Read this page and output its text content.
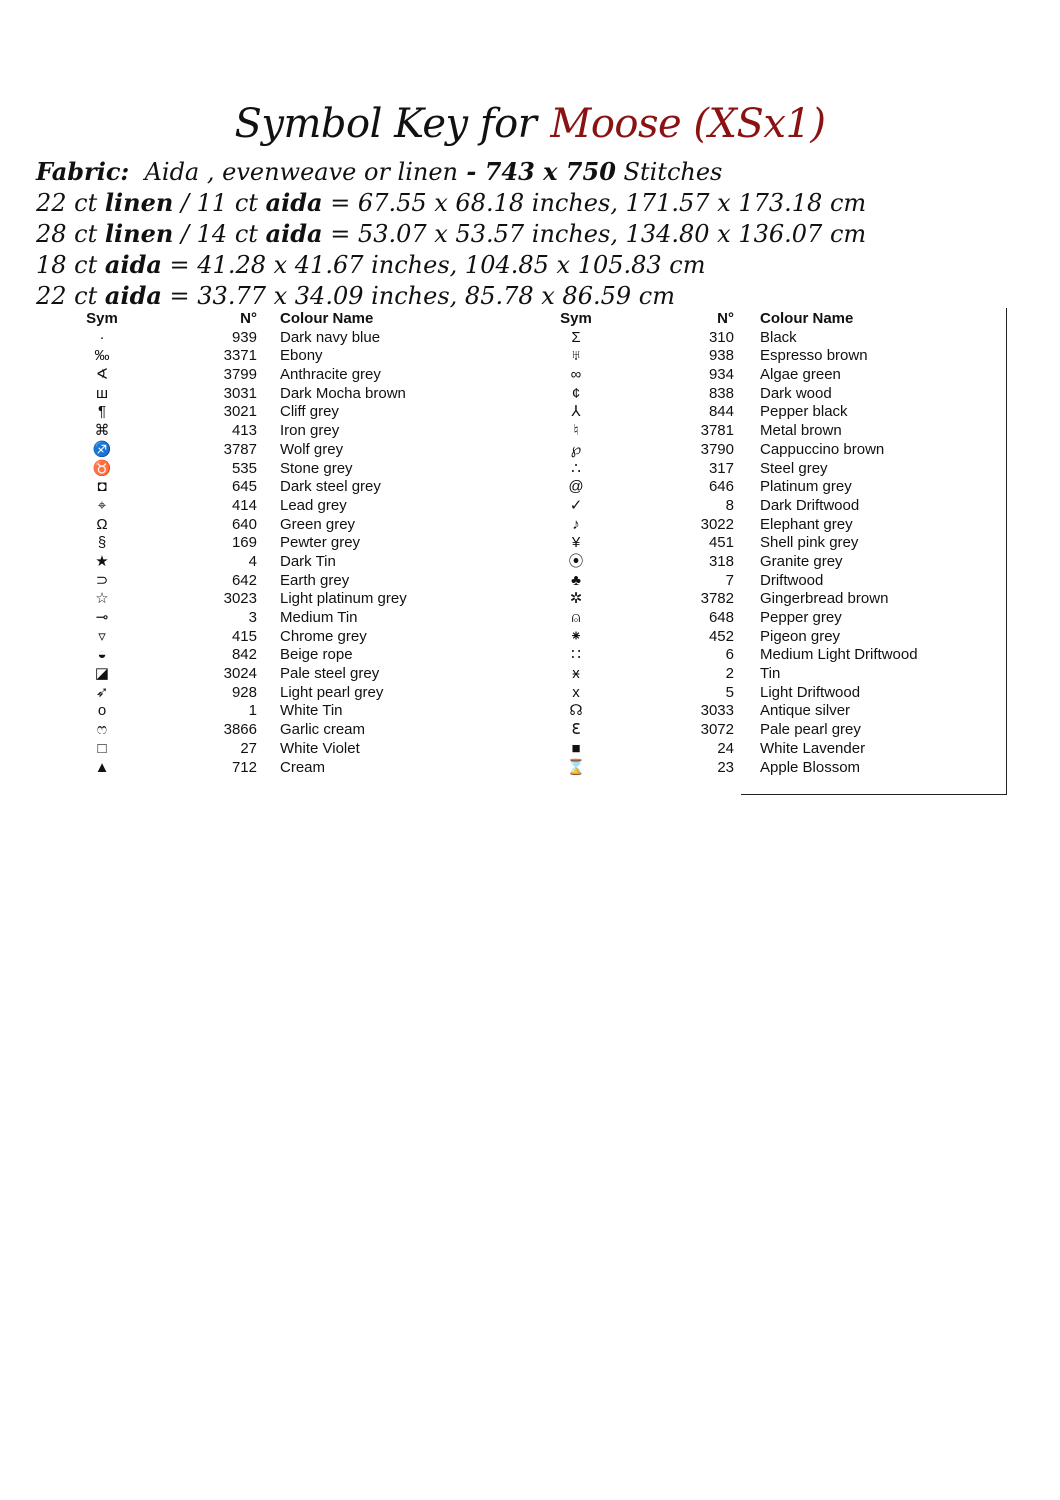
Symbol Key for Moose (XSx1)
Fabric: Aida , evenweave or linen - 743 x 750 Stitches
22 ct linen / 11 ct aida = 67.55 x 68.18 inches, 171.57 x 173.18 cm
28 ct linen / 14 ct aida = 53.07 x 53.57 inches, 134.80 x 136.07 cm
18 ct aida = 41.28 x 41.67 inches, 104.85 x 105.83 cm
22 ct aida = 33.77 x 34.09 inches, 85.78 x 86.59 cm
Sym	N° Colour Name
·	939 Dark navy blue
‰	3371 Ebony
∢	3799 Anthracite grey
ш	3031 Dark Mocha brown
¶	3021 Cliff grey
⌘	413 Iron grey
♐	3787 Wolf grey
♉	535 Stone grey
◘	645 Dark steel grey
⌖	414 Lead grey
Ω	640 Green grey
§	169 Pewter grey
★	4 Dark Tin
⊃	642 Earth grey
☆	3023 Light platinum grey
⊸	3 Medium Tin
▿	415 Chrome grey
◒	842 Beige rope
◪	3024 Pale steel grey
➶	928 Light pearl grey
o	1 White Tin
ෆ	3866 Garlic cream
□	27 White Violet
▲	712 Cream
Sym	N° Colour Name
Σ	310 Black
♅	938 Espresso brown
∞	934 Algae green
¢	838 Dark wood
⅄	844 Pepper black
♮	3781 Metal brown
℘	3790 Cappuccino brown
∴	317 Steel grey
@	646 Platinum grey
✓	8 Dark Driftwood
♪	3022 Elephant grey
¥	451 Shell pink grey
⦿	318 Granite grey
♣	7 Driftwood
✲	3782 Gingerbread brown
⍝	648 Pepper grey
⁕	452 Pigeon grey
∷	6 Medium Light Driftwood
ӿ	2 Tin
x	5 Light Driftwood
☊	3033 Antique silver
ℇ	3072 Pale pearl grey
■	24 White Lavender
⌛	23 Apple Blossom
